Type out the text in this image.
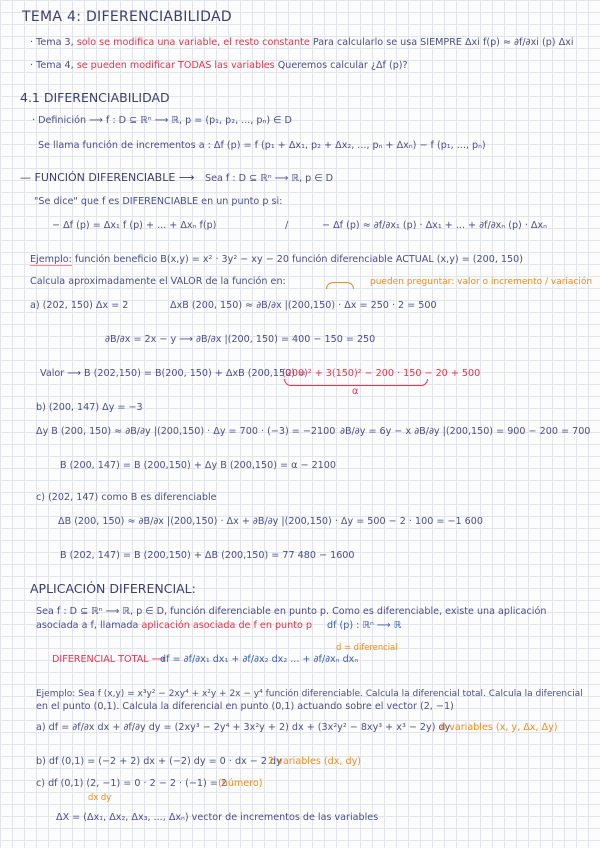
TEMA 4: DIFERENCIABILIDAD
· Tema 3, solo se modifica una variable, el resto constante Para calcularlo se usa SIEMPRE Δxi f(p) ≈ ∂f/∂xi (p) Δxi
· Tema 4, se pueden modificar TODAS las variables Queremos calcular ¿Δf (p)?
4.1 DIFERENCIABILIDAD
· Definición ⟶ f : D ⊆ ℝⁿ ⟶ ℝ, p = (p₁, p₂, ..., pₙ) ∈ D
Se llama función de incrementos a : Δf (p) = f (p₁ + Δx₁, p₂ + Δx₂, ..., pₙ + Δxₙ) − f (p₁, ..., pₙ)
— FUNCIÓN DIFERENCIABLE ⟶ Sea f : D ⊆ ℝⁿ ⟶ ℝ, p ∈ D
"Se dice" que f es DIFERENCIABLE en un punto p si:
− Δf (p) = Δx₁ f (p) + ... + Δxₙ f(p)	/	− Δf (p) ≈ ∂f/∂x₁ (p) · Δx₁ + ... + ∂f/∂xₙ (p) · Δxₙ
Ejemplo: función beneficio B(x,y) = x² · 3y² − xy − 20 función diferenciable ACTUAL (x,y) = (200, 150)
Calcula aproximadamente el VALOR de la función en:	pueden preguntar: valor o incremento / variación
a) (202, 150) Δx = 2	ΔxB (200, 150) ≈ ∂B/∂x |(200,150) · Δx = 250 · 2 = 500
∂B/∂x = 2x − y ⟶ ∂B/∂x |(200, 150) = 400 − 150 = 250
Valor ⟶ B (202,150) = B(200, 150) + ΔxB (200,150) =
(200)² + 3(150)² − 200 · 150 − 20 + 500
α
b) (200, 147) Δy = −3
Δy B (200, 150) ≈ ∂B/∂y |(200,150) · Δy = 700 · (−3) = −2100 ∂B/∂y = 6y − x ∂B/∂y |(200,150) = 900 − 200 = 700
B (200, 147) = B (200,150) + Δy B (200,150) = α − 2100
c) (202, 147) como B es diferenciable
ΔB (200, 150) ≈ ∂B/∂x |(200,150) · Δx + ∂B/∂y |(200,150) · Δy = 500 − 2 · 100 = −1 600
B (202, 147) = B (200,150) + ΔB (200,150) = 77 480 − 1600
APLICACIÓN DIFERENCIAL:
Sea f : D ⊆ ℝⁿ ⟶ ℝ, p ∈ D, función diferenciable en punto p. Como es diferenciable, existe una aplicación
asociada a f, llamada aplicación asociada de f en punto p df (p) : ℝⁿ ⟶ ℝ
d = diferencial
DIFERENCIAL TOTAL ⟶
df = ∂f/∂x₁ dx₁ + ∂f/∂x₂ dx₂ ... + ∂f/∂xₙ dxₙ
Ejemplo: Sea f (x,y) = x³y² − 2xy⁴ + x²y + 2x − y⁴ función diferenciable. Calcula la diferencial total. Calcula la diferencial
en el punto (0,1). Calcula la diferencial en punto (0,1) actuando sobre el vector (2, −1)
a) df = ∂f/∂x dx + ∂f/∂y dy = (2xy³ − 2y⁴ + 3x²y + 2) dx + (3x²y² − 8xy³ + x³ − 2y) dy
4 variables (x, y, Δx, Δy)
b) df (0,1) = (−2 + 2) dx + (−2) dy = 0 · dx − 2 dy
2 variables (dx, dy)
c) df (0,1) (2, −1) = 0 · 2 − 2 · (−1) = 2
(número)
dx dy
ΔX = (Δx₁, Δx₂, Δx₃, ..., Δxₙ) vector de incrementos de las variables
